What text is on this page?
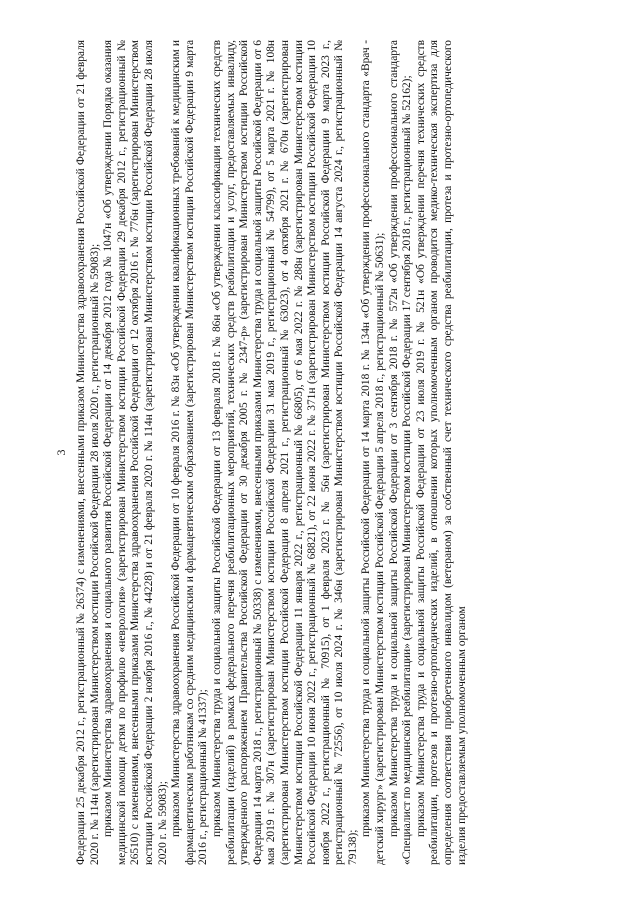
3 Федерации 25 декабря 2012 г., регистрационный № 26374) с изменениями, внесенными приказом Министерства здравоохранения Российской Федерации от 21 февраля 2020 г. № 114н (зарегистрирован Министерством юстиции Российской Федерации 28 июля 2020 г., регистрационный № 59083); приказом Министерства здравоохранения и социального развития Российской Федерации от 14 декабря 2012 года № 1047н «Об утверждении Порядка оказания медицинской помощи детям по профилю «неврология» (зарегистрирован Министерством юстиции Российской Федерации 29 декабря 2012 г., регистрационный № 26510) с изменениями, внесенными приказами Министерства здравоохранения Российской Федерации от 12 октября 2016 г. № 776н (зарегистрирован Министерством юстиции Российской Федерации 2 ноября 2016 г., № 44228) и от 21 февраля 2020 г. № 114н (зарегистрирован Министерством юстиции Российской Федерации 28 июля 2020 г. № 59083); приказом Министерства здравоохранения Российской Федерации от 10 февраля 2016 г. № 83н «Об утверждении квалификационных требований к медицинским и фармацевтическим работникам со средним медицинским и фармацевтическим образованием (зарегистрирован Министерством юстиции Российской Федерации 9 марта 2016 г., регистрационный № 41337); приказом Министерства труда и социальной защиты Российской Федерации от 13 февраля 2018 г. № 86н «Об утверждении классификации технических средств реабилитации (изделий) в рамках федерального перечня реабилитационных мероприятий, технических средств реабилитации и услуг, предоставляемых инвалиду, утвержденного распоряжением Правительства Российской Федерации от 30 декабря 2005 г. № 2347-р» (зарегистрирован Министерством юстиции Российской Федерации 14 марта 2018 г., регистрационный № 50338) с изменениями, внесенными приказами Министерства труда и социальной защиты Российской Федерации от 6 мая 2019 г. № 307н (зарегистрирован Министерством юстиции Российской Федерации 31 мая 2019 г., регистрационный № 54799), от 5 марта 2021 г. № 108н (зарегистрирован Министерством юстиции Российской Федерации 8 апреля 2021 г., регистрационный № 63023), от 4 октября 2021 г. № 670н (зарегистрирован Министерством юстиции Российской Федерации 11 января 2022 г., регистрационный № 66805), от 6 мая 2022 г. № 288н (зарегистрирован Министерством юстиции Российской Федерации 10 июня 2022 г., регистрационный № 68821), от 22 июня 2022 г. № 371н (зарегистрирован Министерством юстиции Российской Федерации 10 ноября 2022 г., регистрационный № 70915), от 1 февраля 2023 г. № 56н (зарегистрирован Министерством юстиции Российской Федерации 9 марта 2023 г., регистрационный № 72556), от 10 июля 2024 г. № 346н (зарегистрирован Министерством юстиции Российской Федерации 14 августа 2024 г., регистрационный № 79138);

приказом Министерства труда и социальной защиты Российской Федерации от 14 марта 2018 г. № 134н «Об утверждении профессионального стандарта «Врач - детский хирург» (зарегистрирован Министерством юстиции Российской Федерации 5 апреля 2018 г., регистрационный № 50631); приказом Министерства труда и социальной защиты Российской Федерации от 3 сентября 2018 г. № 572н «Об утверждении профессионального стандарта «Специалист по медицинской реабилитации» (зарегистрирован Министерством юстиции Российской Федерации 17 сентября 2018 г., регистрационный № 52162); приказом Министерства труда и социальной защиты Российской Федерации от 23 июля 2019 г. № 521н «Об утверждении перечня технических средств реабилитации, протезов и протезно-ортопедических изделий, в отношении которых уполномоченным органом проводится медико-техническая экспертиза для определения соответствия приобретенного инвалидом (ветераном) за собственный счет технического средства реабилитации, протеза и протезно-ортопедического изделия предоставляемым уполномоченным органом
